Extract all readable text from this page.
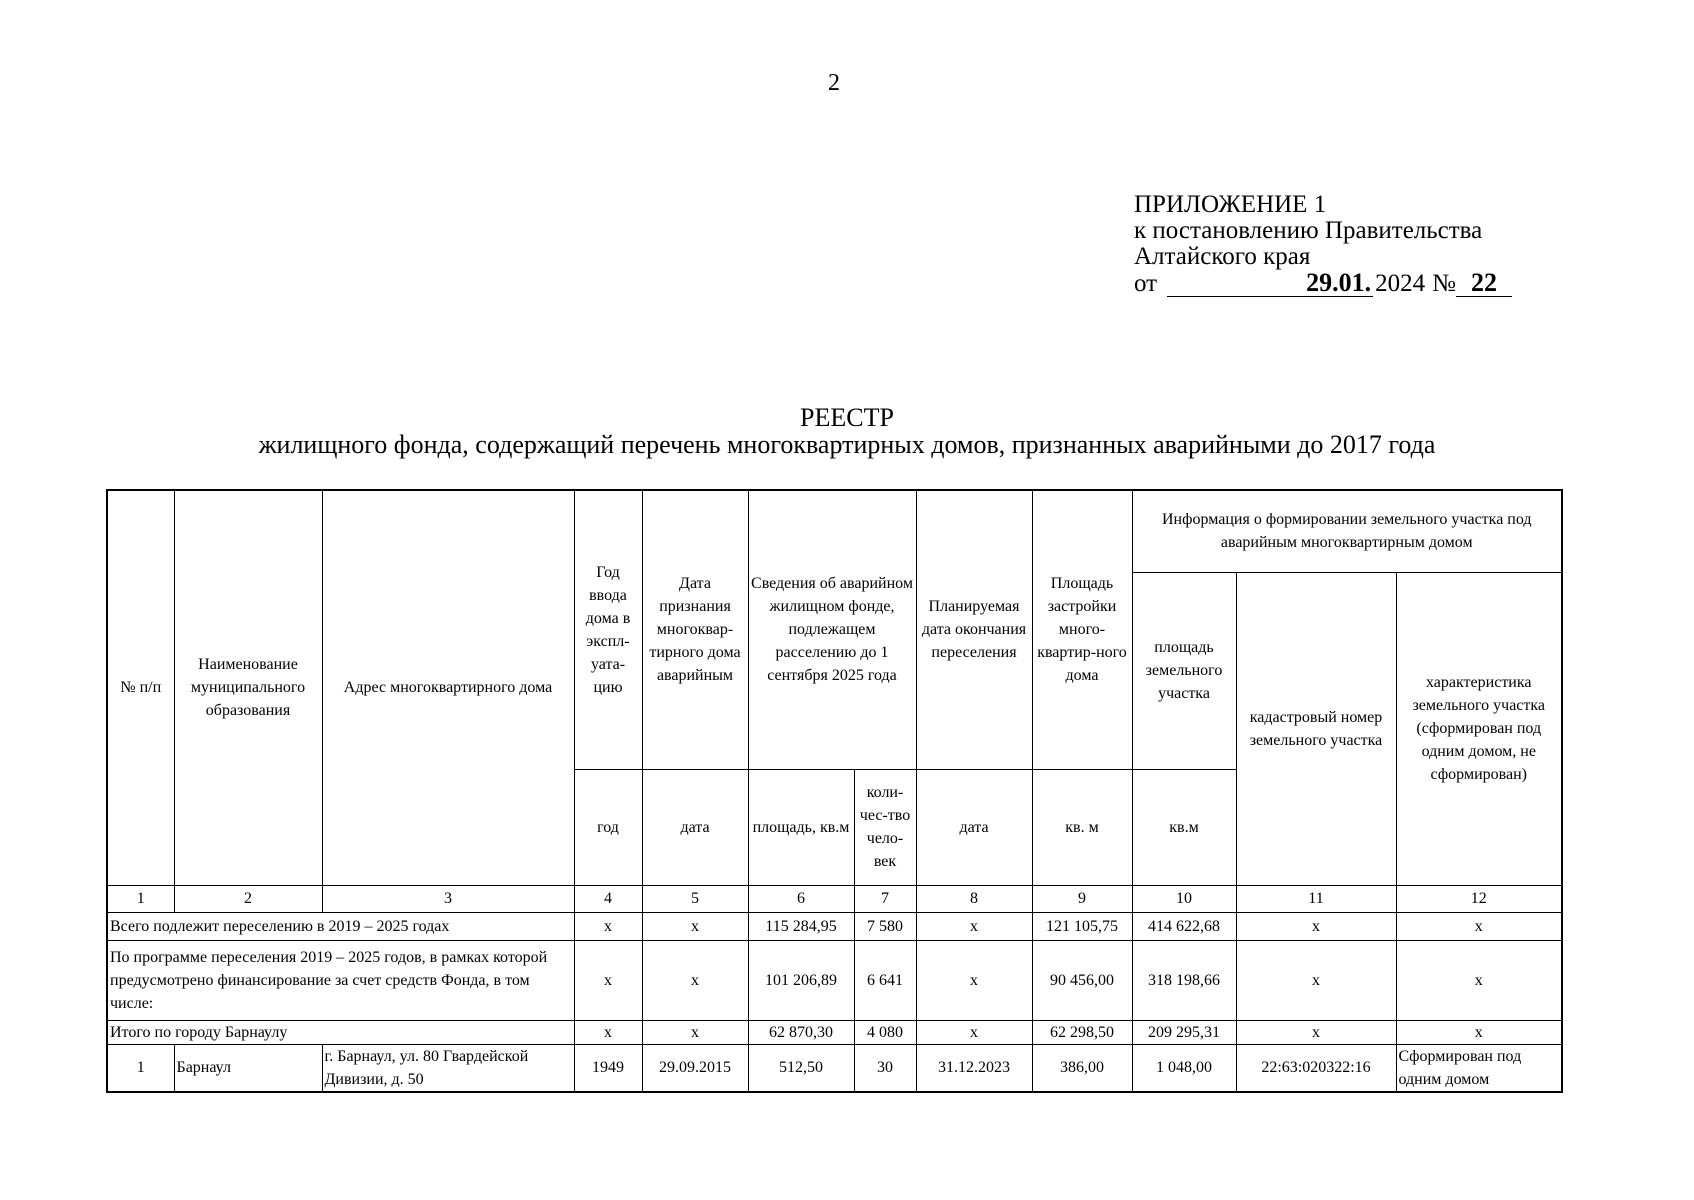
2
ПРИЛОЖЕНИЕ 1
к постановлению Правительства
Алтайского края
от	29.01. 2024 № 22
РЕЕСТР
жилищного фонда, содержащий перечень многоквартирных домов, признанных аварийными до 2017 года
№ п/п	Наименование муниципального образования	Адрес многоквартирного дома	Год ввода дома в экспл-уата-цию	Дата признания многоквар-тирного дома аварийным	Сведения об аварийном жилищном фонде, подлежащем расселению до 1 сентября 2025 года		Планируемая дата окончания переселения	Площадь застройки много-квартир-ного дома	Информация о формировании земельного участка под аварийным многоквартирным домом		
									площадь земельного участка	кадастровый номер земельного участка	характеристика земельного участка (сформирован под одним домом, не сформирован)
			год	дата	площадь, кв.м	коли-чес-тво чело-век	дата	кв. м	кв.м		
1	2	3	4	5	6	7	8	9	10	11	12
Всего подлежит переселению в 2019 – 2025 годах			х	х	115 284,95	7 580	х	121 105,75	414 622,68	х	х
По программе переселения 2019 – 2025 годов, в рамках которой предусмотрено финансирование за счет средств Фонда, в том числе:			х	х	101 206,89	6 641	х	90 456,00	318 198,66	х	х
Итого по городу Барнаулу			х	х	62 870,30	4 080	х	62 298,50	209 295,31	х	х
1	Барнаул	г. Барнаул, ул. 80 Гвардейской Дивизии, д. 50	1949	29.09.2015	512,50	30	31.12.2023	386,00	1 048,00	22:63:020322:16	Сформирован под одним домом
